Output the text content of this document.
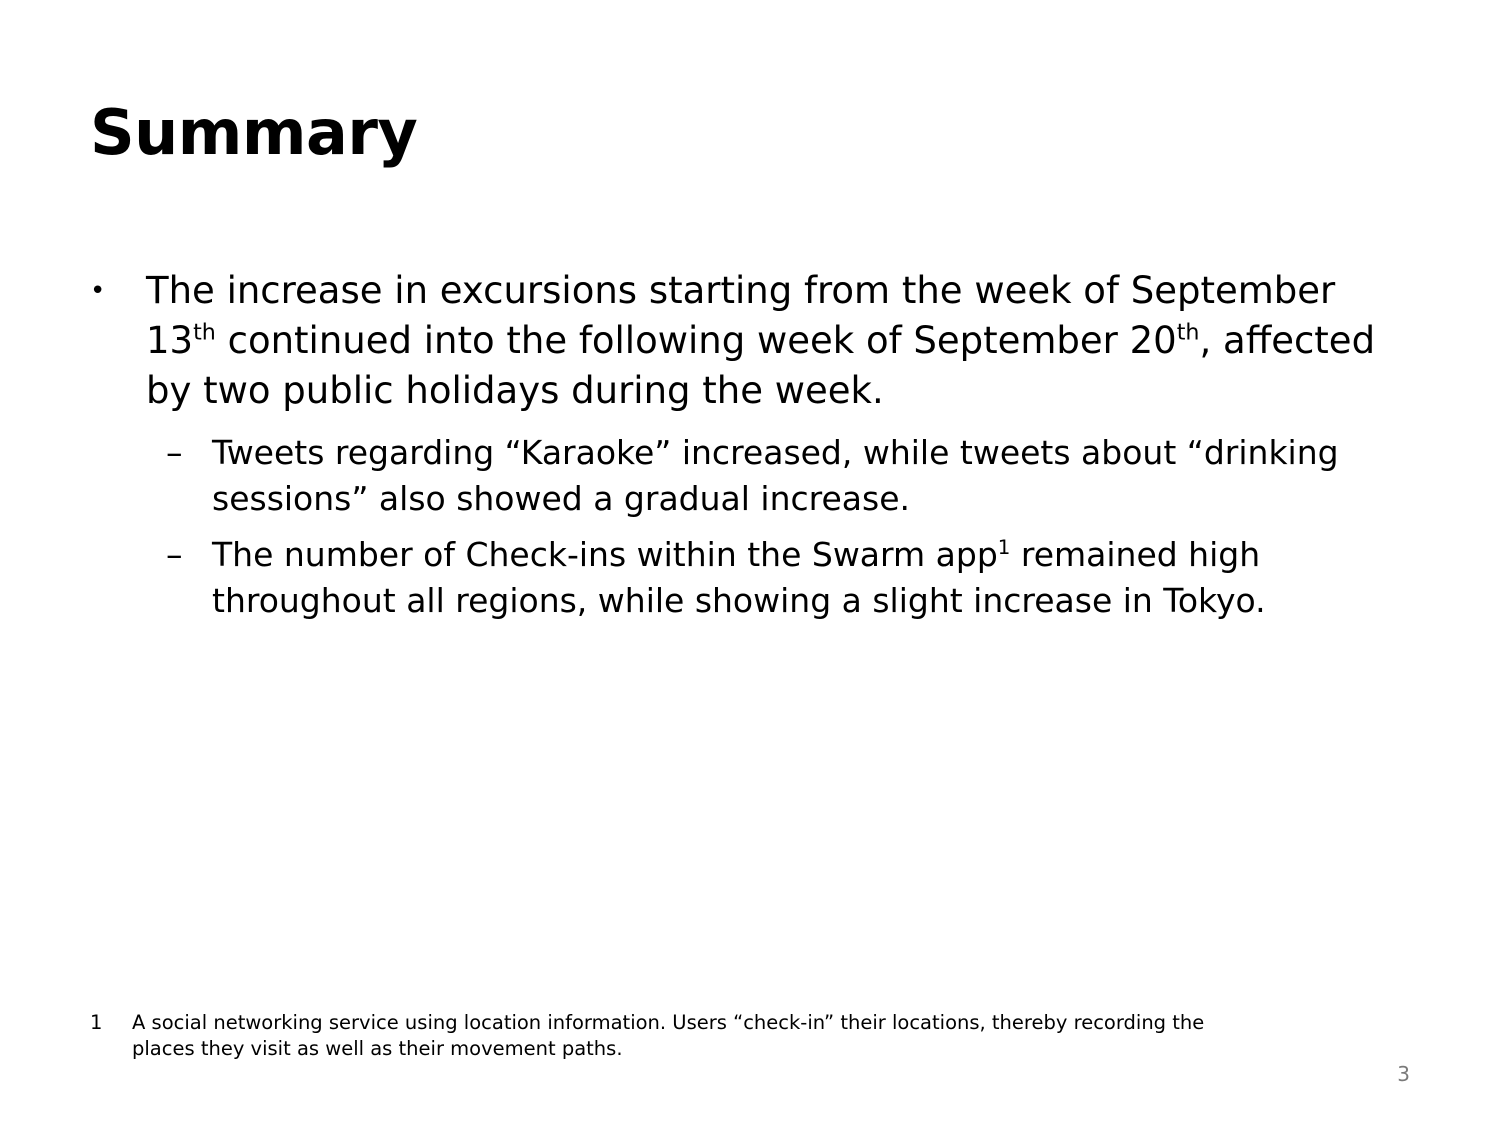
Summary
• The increase in excursions starting from the week of September 13th continued into the following week of September 20th, affected by two public holidays during the week.
– Tweets regarding “Karaoke” increased, while tweets about “drinking sessions” also showed a gradual increase.
– The number of Check-ins within the Swarm app$^1$ remained high throughout all regions, while showing a slight increase in Tokyo.
1	A social networking service using location information. Users “check-in” their locations, thereby recording the places they visit as well as their movement paths.
3
